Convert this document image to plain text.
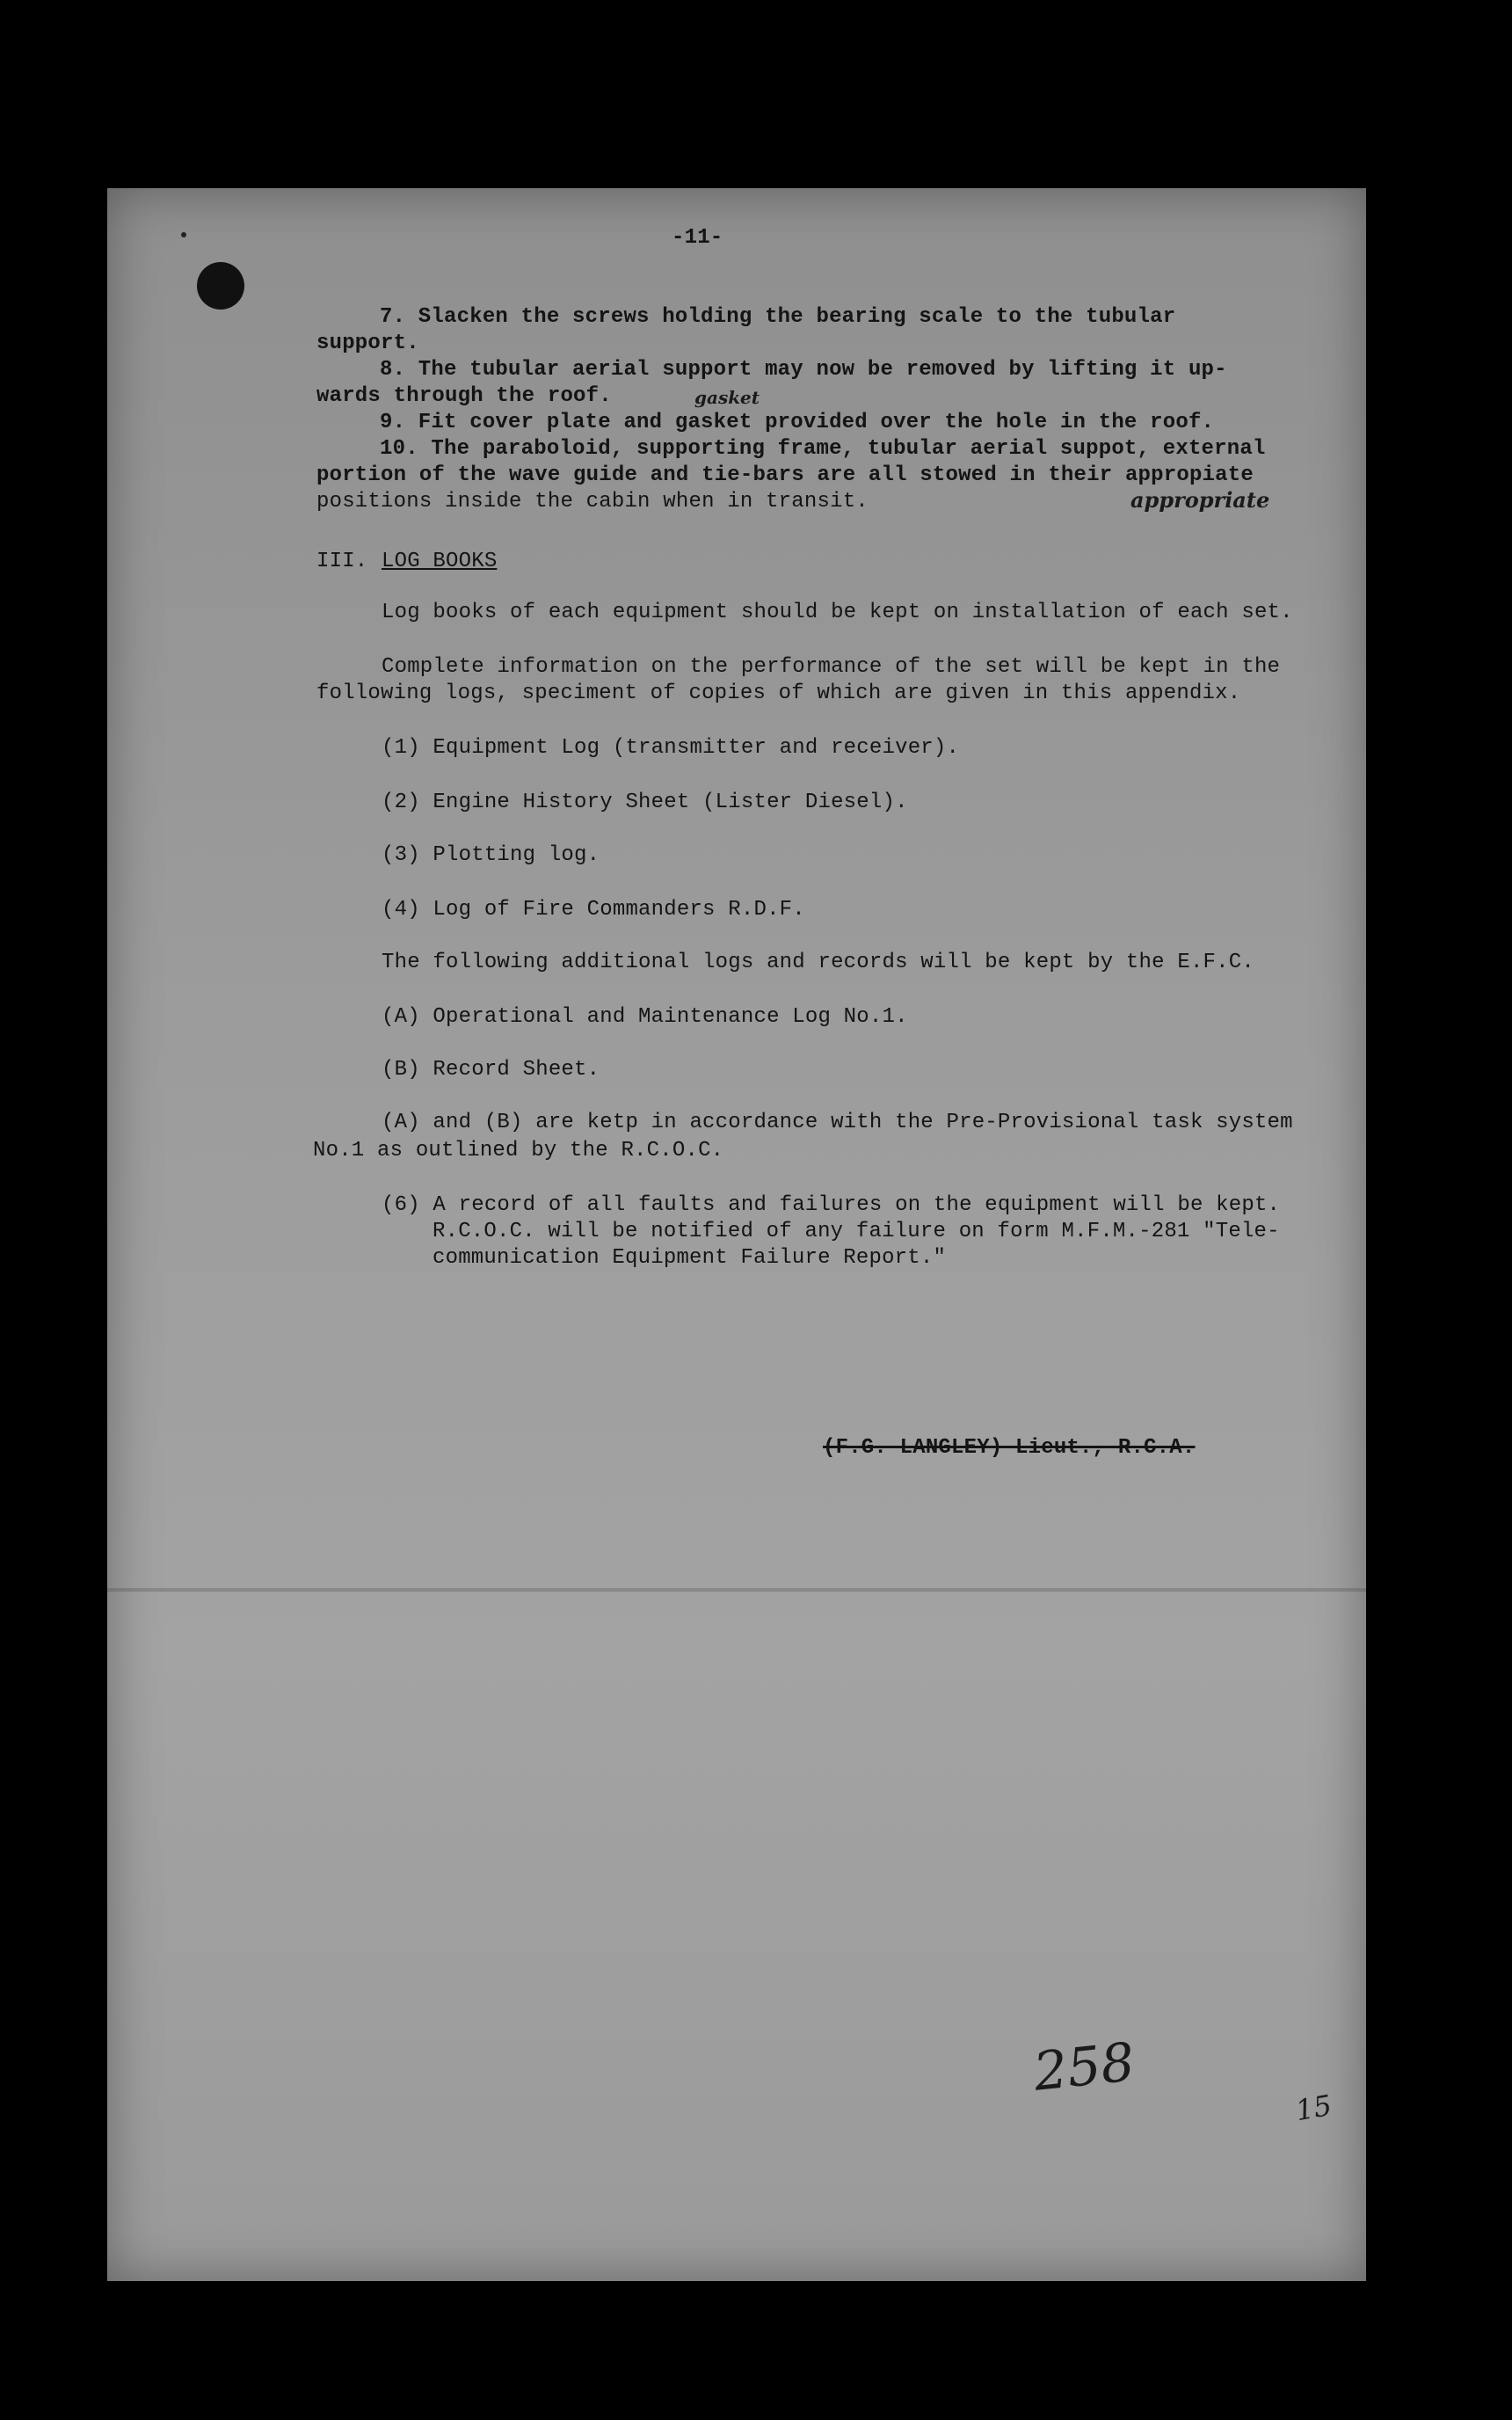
-11-
7. Slacken the screws holding the bearing scale to the tubular
support.
8. The tubular aerial support may now be removed by lifting it up-
wards through the roof.	gasket
9. Fit cover plate and gasket provided over the hole in the roof.
10. The paraboloid, supporting frame, tubular aerial suppot, external
portion of the wave guide and tie-bars are all stowed in their appropiate
positions inside the cabin when in transit.	appropriate
III. LOG BOOKS
Log books of each equipment should be kept on installation of each set.
Complete information on the performance of the set will be kept in the
following logs, speciment of copies of which are given in this appendix.
(1) Equipment Log (transmitter and receiver).
(2) Engine History Sheet (Lister Diesel).
(3) Plotting log.
(4) Log of Fire Commanders R.D.F.
The following additional logs and records will be kept by the E.F.C.
(A) Operational and Maintenance Log No.1.
(B) Record Sheet.
(A) and (B) are ketp in accordance with the Pre-Provisional task system
No.1 as outlined by the R.C.O.C.
(6) A record of all faults and failures on the equipment will be kept.
R.C.O.C. will be notified of any failure on form M.F.M.-281 "Tele-
communication Equipment Failure Report."
(F.G. LANGLEY) Lieut., R.C.A.
258
15
